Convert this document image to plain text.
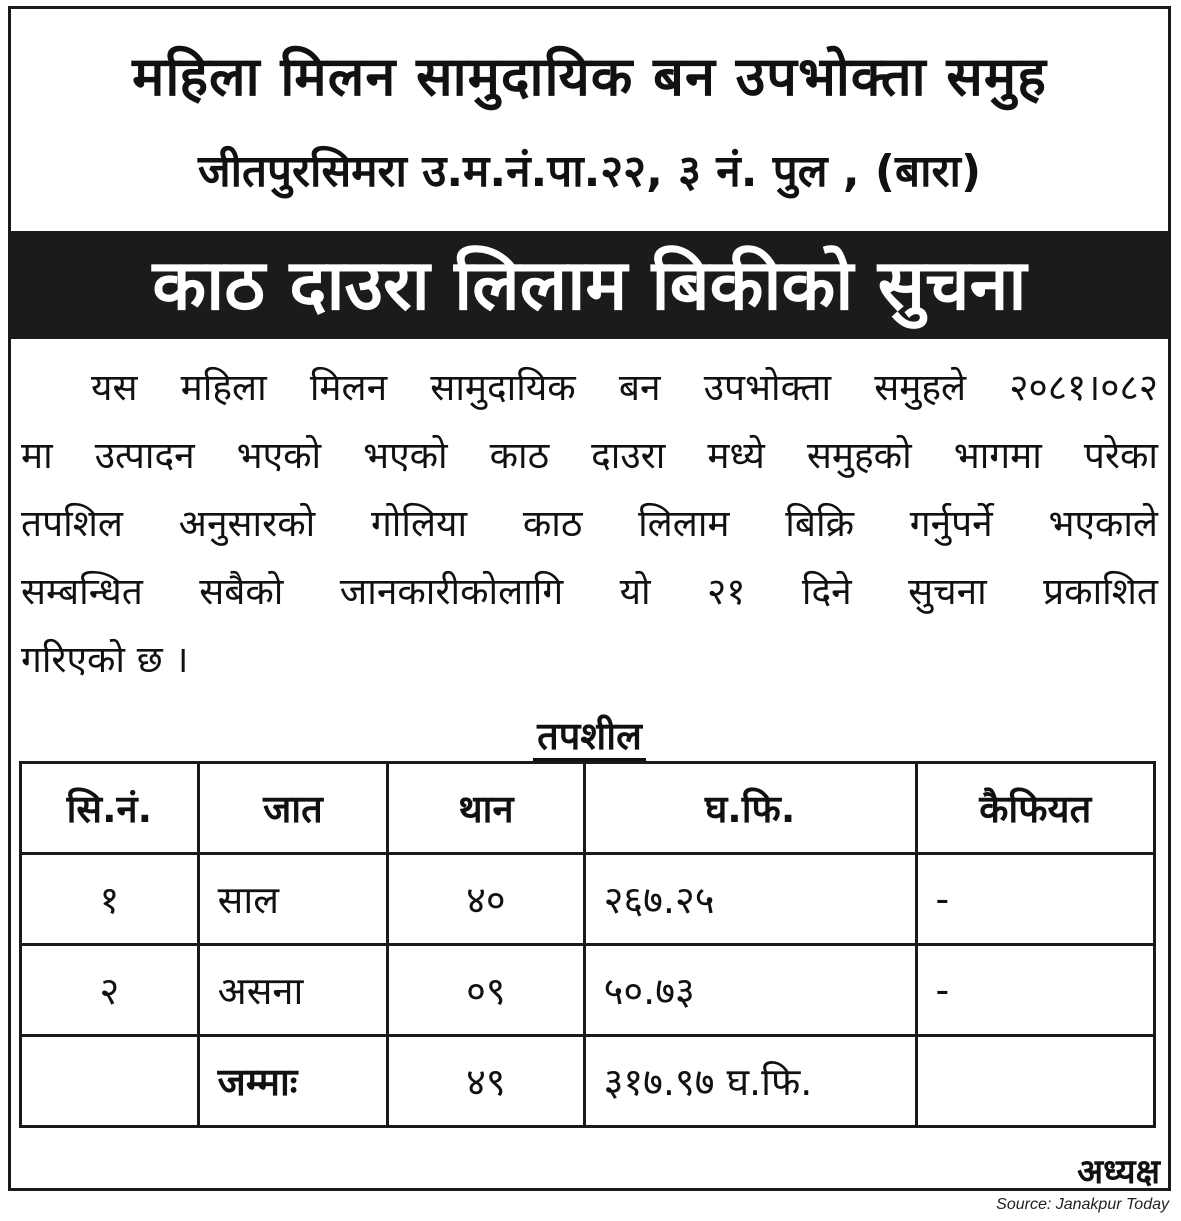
महिला मिलन सामुदायिक बन उपभोक्ता समुह
जीतपुरसिमरा उ.म.नं.पा.२२, ३ नं. पुल , (बारा)
काठ दाउरा लिलाम बिकीको सुचना
यस महिला मिलन सामुदायिक बन उपभोक्ता समुहले २०८१।०८२
मा उत्पादन भएको भएको काठ दाउरा मध्ये समुहको भागमा परेका
तपशिल अनुसारको गोलिया काठ लिलाम बिक्रि गर्नुपर्ने भएकाले
सम्बन्धित सबैको जानकारीकोलागि यो २१ दिने सुचना प्रकाशित
गरिएको छ ।
तपशील
सि.नं.	जात	थान	घ.फि.	कैफियत
१	साल	४०	२६७.२५	-
२	असना	०९	५०.७३	-
	जम्माः	४९	३१७.९७ घ.फि.	
अध्यक्ष
Source: Janakpur Today
